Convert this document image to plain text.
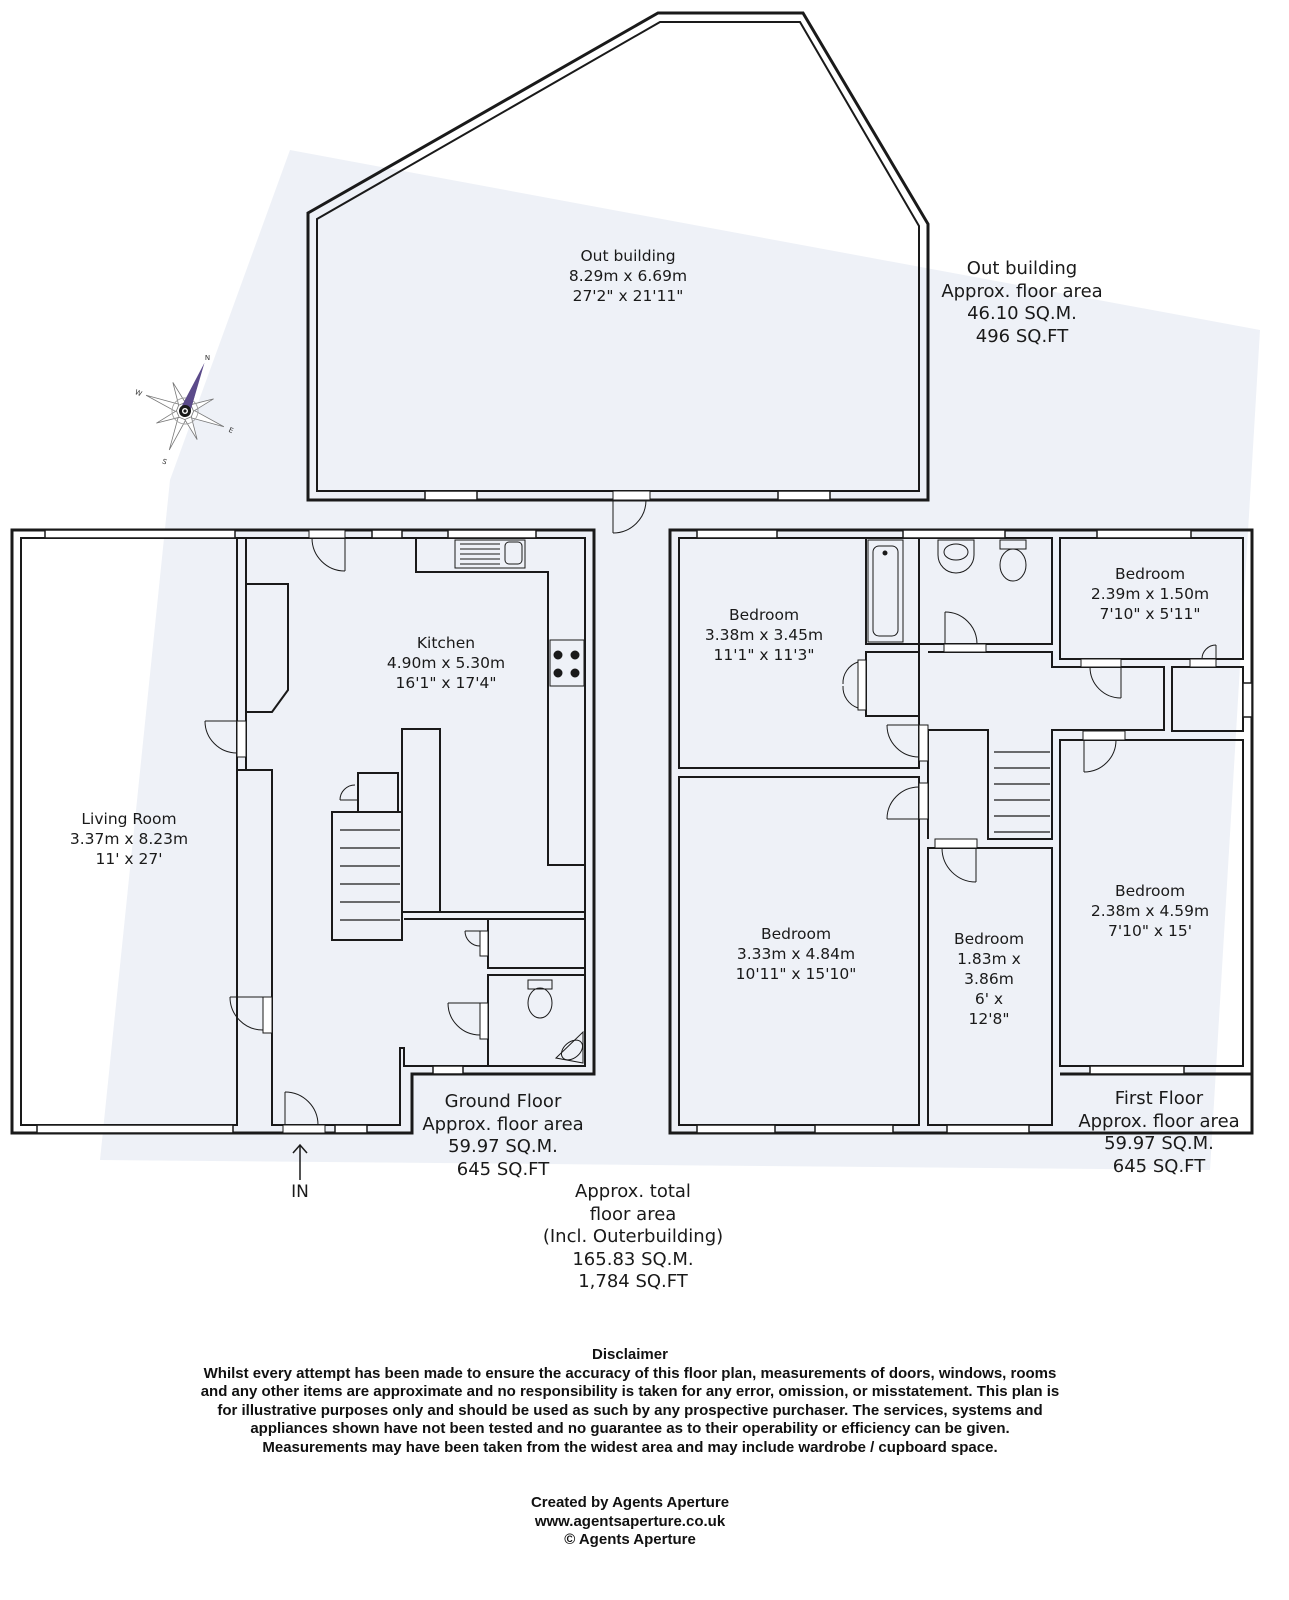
N
E
S
W
Out building
8.29m x 6.69m
27'2" x 21'11"
Out building
Approx. floor area
46.10 SQ.M.
496 SQ.FT
Kitchen
4.90m x 5.30m
16'1" x 17'4"
Living Room
3.37m x 8.23m
11' x 27'
Ground Floor
Approx. floor area
59.97 SQ.M.
645 SQ.FT
IN
Bedroom
3.38m x 3.45m
11'1" x 11'3"
Bedroom
2.39m x 1.50m
7'10" x 5'11"
Bedroom
3.33m x 4.84m
10'11" x 15'10"
Bedroom
1.83m x
3.86m
6' x
12'8"
Bedroom
2.38m x 4.59m
7'10" x 15'
First Floor
Approx. floor area
59.97 SQ.M.
645 SQ.FT
Approx. total
floor area
(Incl. Outerbuilding)
165.83 SQ.M.
1,784 SQ.FT
Disclaimer
Whilst every attempt has been made to ensure the accuracy of this floor plan, measurements of doors, windows, rooms and any other items are approximate and no responsibility is taken for any error, omission, or misstatement. This plan is for illustrative purposes only and should be used as such by any prospective purchaser. The services, systems and appliances shown have not been tested and no guarantee as to their operability or efficiency can be given. Measurements may have been taken from the widest area and may include wardrobe / cupboard space.
Created by Agents Aperture
www.agentsaperture.co.uk
© Agents Aperture
